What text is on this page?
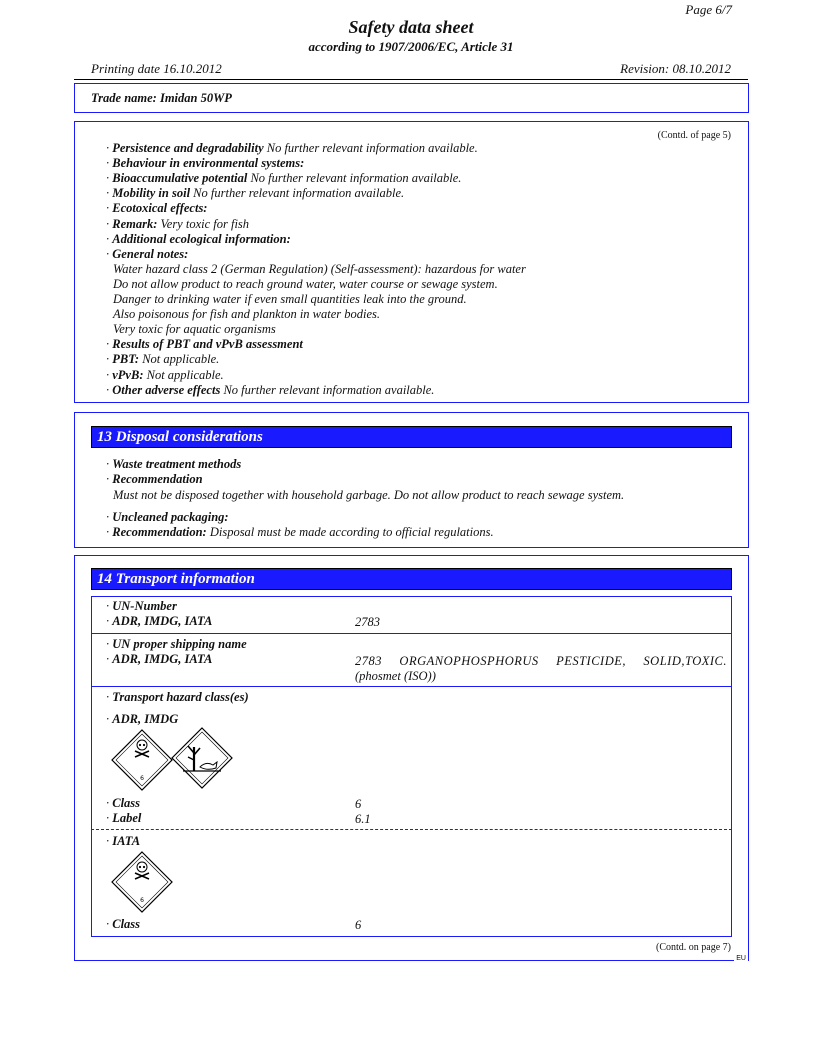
Page 6/7
Safety data sheet
according to 1907/2006/EC, Article 31
Printing date 16.10.2012	Revision: 08.10.2012
Trade name: Imidan 50WP
(Contd. of page 5)
· Persistence and degradability No further relevant information available.
· Behaviour in environmental systems:
· Bioaccumulative potential No further relevant information available.
· Mobility in soil No further relevant information available.
· Ecotoxical effects:
· Remark: Very toxic for fish
· Additional ecological information:
· General notes:
Water hazard class 2 (German Regulation) (Self-assessment): hazardous for water
Do not allow product to reach ground water, water course or sewage system.
Danger to drinking water if even small quantities leak into the ground.
Also poisonous for fish and plankton in water bodies.
Very toxic for aquatic organisms
· Results of PBT and vPvB assessment
· PBT: Not applicable.
· vPvB: Not applicable.
· Other adverse effects No further relevant information available.
13 Disposal considerations
· Waste treatment methods
· Recommendation
Must not be disposed together with household garbage. Do not allow product to reach sewage system.
· Uncleaned packaging:
· Recommendation: Disposal must be made according to official regulations.
14 Transport information
· UN-Number
· ADR, IMDG, IATA	2783
· UN proper shipping name
· ADR, IMDG, IATA	2783 ORGANOPHOSPHORUS PESTICIDE, SOLID,TOXIC.
(phosmet (ISO))
· Transport hazard class(es)
· ADR, IMDG
6
· Class	6
· Label	6.1
· IATA
6
· Class	6
(Contd. on page 7)
EU
